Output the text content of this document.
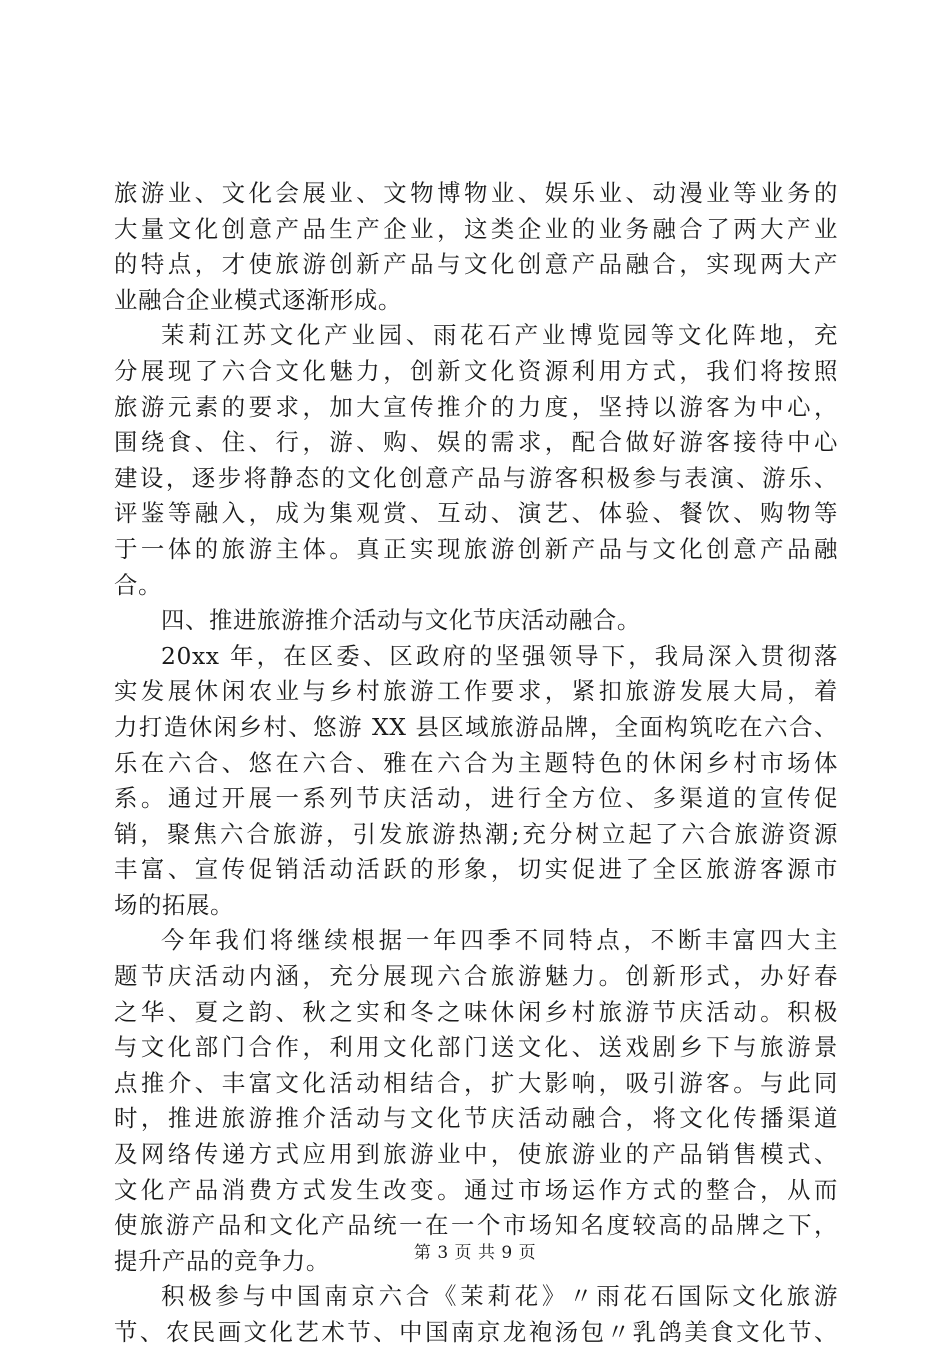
旅游业、文化会展业、文物博物业、娱乐业、动漫业等业务的
大量文化创意产品生产企业，这类企业的业务融合了两大产业
的特点，才使旅游创新产品与文化创意产品融合，实现两大产
业融合企业模式逐渐形成。

茉莉江苏文化产业园、雨花石产业博览园等文化阵地，充
分展现了六合文化魅力，创新文化资源利用方式，我们将按照
旅游元素的要求，加大宣传推介的力度，坚持以游客为中心，
围绕食、住、行，游、购、娱的需求，配合做好游客接待中心
建设，逐步将静态的文化创意产品与游客积极参与表演、游乐、
评鉴等融入，成为集观赏、互动、演艺、体验、餐饮、购物等
于一体的旅游主体。真正实现旅游创新产品与文化创意产品融
合。

四、推进旅游推介活动与文化节庆活动融合。

20xx 年，在区委、区政府的坚强领导下，我局深入贯彻落
实发展休闲农业与乡村旅游工作要求，紧扣旅游发展大局，着
力打造休闲乡村、悠游 XX 县区域旅游品牌，全面构筑吃在六合、
乐在六合、悠在六合、雅在六合为主题特色的休闲乡村市场体
系。通过开展一系列节庆活动，进行全方位、多渠道的宣传促
销，聚焦六合旅游，引发旅游热潮;充分树立起了六合旅游资源
丰富、宣传促销活动活跃的形象，切实促进了全区旅游客源市
场的拓展。

今年我们将继续根据一年四季不同特点，不断丰富四大主
题节庆活动内涵，充分展现六合旅游魅力。创新形式，办好春
之华、夏之韵、秋之实和冬之味休闲乡村旅游节庆活动。积极
与文化部门合作，利用文化部门送文化、送戏剧乡下与旅游景
点推介、丰富文化活动相结合，扩大影响，吸引游客。与此同
时，推进旅游推介活动与文化节庆活动融合，将文化传播渠道
及网络传递方式应用到旅游业中，使旅游业的产品销售模式、
文化产品消费方式发生改变。通过市场运作方式的整合，从而
使旅游产品和文化产品统一在一个市场知名度较高的品牌之下，
提升产品的竞争力。

积极参与中国南京六合《茉莉花》〃雨花石国际文化旅游
节、农民画文化艺术节、中国南京龙袍汤包〃乳鸽美食文化节、

第 3 页 共 9 页
